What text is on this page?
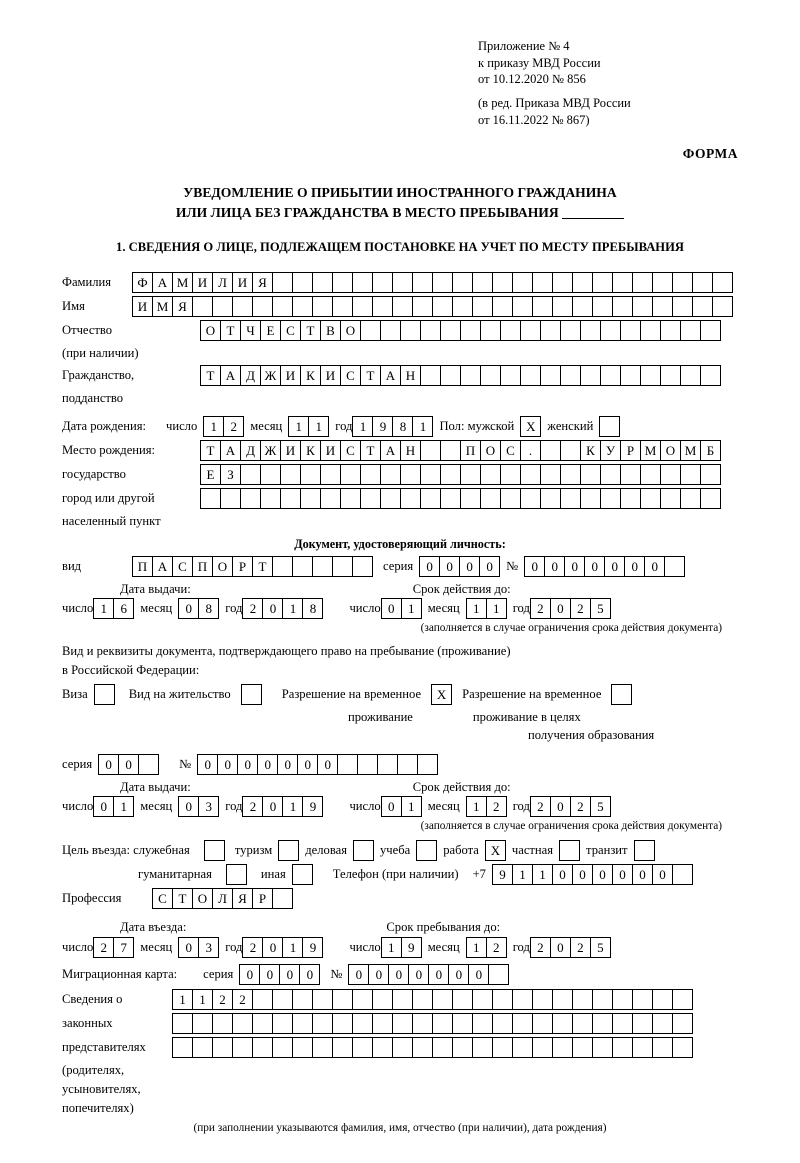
Приложение № 4
к приказу МВД России
от 10.12.2020 № 856
(в ред. Приказа МВД России
от 16.11.2022 № 867)
ФОРМА
УВЕДОМЛЕНИЕ О ПРИБЫТИИ ИНОСТРАННОГО ГРАЖДАНИНА
ИЛИ ЛИЦА БЕЗ ГРАЖДАНСТВА В МЕСТО ПРЕБЫВАНИЯ
1. СВЕДЕНИЯ О ЛИЦЕ, ПОДЛЕЖАЩЕМ ПОСТАНОВКЕ НА УЧЕТ ПО МЕСТУ ПРЕБЫВАНИЯ
Фамилия	Ф А М И Л И Я
Имя	И М Я
Отчество	О Т Ч Е С Т В О
(при наличии)
Гражданство,	Т А Д Ж И К И С Т А Н
подданство
Дата рождения: число	1	2	месяц	1	1	год 1	9	8	1	Пол: мужской X женский
Место рождения:	Т А Д Ж И К И С Т А Н	П О С	.	К У Р М О М Б
государство	Е З
город или другой
населенный пункт
Документ, удостоверяющий личность:
вид	П А С П О Р Т	серия	0	0	0	0	№	0	0	0	0	0	0	0
Дата выдачи:	Срок действия до:
число 1	6	месяц	0	8	год 2	0	1	8	число 0	1	месяц	1	1	год 2	0	2	5
(заполняется в случае ограничения срока действия документа)
Вид и реквизиты документа, подтверждающего право на пребывание (проживание)
в Российской Федерации:
Виза	Вид на жительство	Разрешение на временное	X	Разрешение на временное
проживание	проживание в целях
получения образования
серия	0	0	№	0	0	0	0	0	0	0
Дата выдачи:	Срок действия до:
число 0	1	месяц	0	3	год 2	0	1	9	число 0	1	месяц	1	2	год 2	0	2	5
(заполняется в случае ограничения срока действия документа)
Цель въезда: служебная	туризм	деловая	учеба	работа X частная	транзит
гуманитарная	иная	Телефон (при наличии) +7	9	1	1	0	0	0	0	0	0
Профессия	С Т О Л Я Р
Дата въезда:	Срок пребывания до:
число 2	7	месяц	0	3	год 2	0	1	9	число 1	9	месяц	1	2	год 2	0	2	5
Миграционная карта: серия	0	0	0	0	№	0	0	0	0	0	0	0
Сведения о	1	1	2	2
законных
представителях
(родителях,
усыновителях,
попечителях)
(при заполнении указываются фамилия, имя, отчество (при наличии), дата рождения)
